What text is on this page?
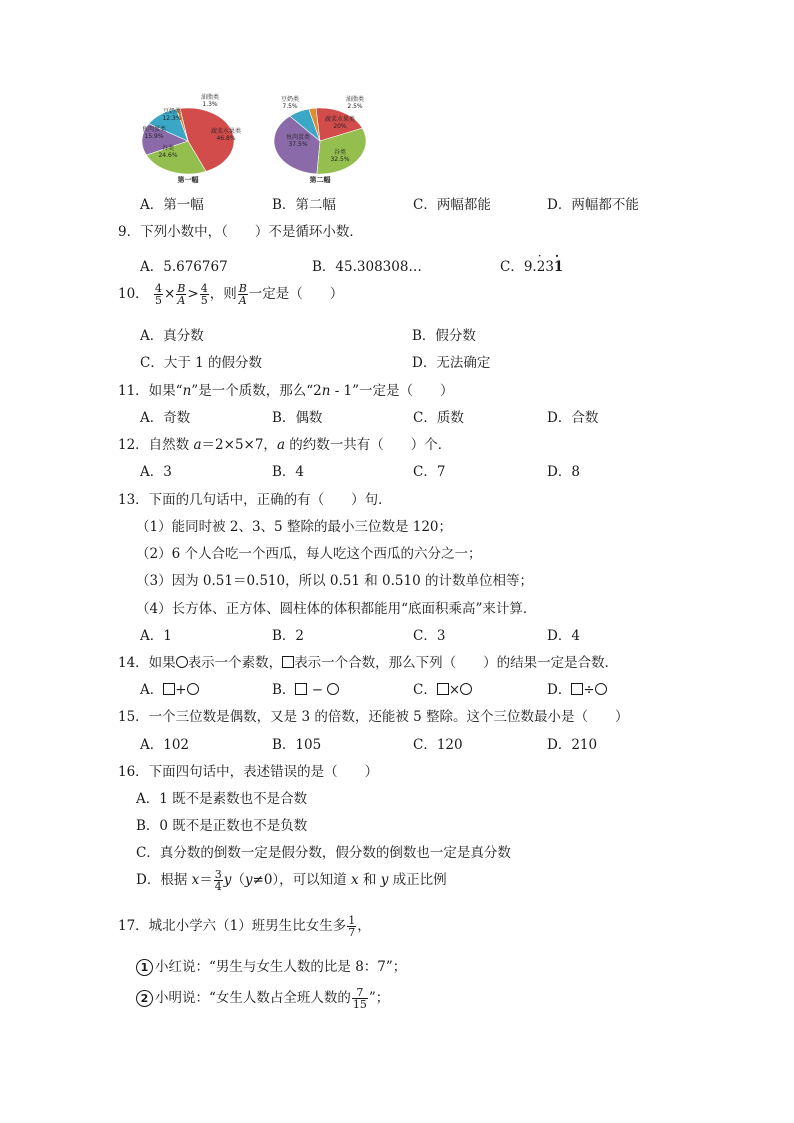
蔬菜水果类 46.8%
谷类 24.6%
鱼肉蛋类 15.9%
豆奶类 12.3%
油脂类 1.3%
第一幅
蔬菜水果类 20%
谷类 32.5%
鱼肉蛋类 37.5%
豆奶类 7.5%
油脂类 2.5%
第二幅
A．第一幅	B．第二幅	C．两幅都能	D．两幅都不能
9．下列小数中，（　　）不是循环小数．
A．5.676767	B．45.308308…	C．9.· 23· 1
10． $\frac{4}{5} \times \frac{B}{A} > \frac{4}{5}$ ，则 $\frac{B}{A}$ 一定是（　　）
A．真分数	B．假分数
C．大于 1 的假分数	D．无法确定
11．如果“n”是一个质数，那么“2n - 1”一定是（　　）
A．奇数	B．偶数	C．质数	D．合数
12．自然数 a＝2×5×7，a 的约数一共有（　　）个．
A．3	B．4	C．7	D．8
13．下面的几句话中，正确的有（　　）句．
（1）能同时被 2、3、5 整除的最小三位数是 120；
（2）6 个人合吃一个西瓜，每人吃这个西瓜的六分之一；
（3）因为 0.51＝0.510，所以 0.51 和 0.510 的计数单位相等；
（4）长方体、正方体、圆柱体的体积都能用“底面积乘高”来计算．
A．1	B．2	C．3	D．4
14．如果 表示一个素数， 表示一个合数，那么下列（　　）的结果一定是合数．
A． +	B． −	C． ×	D． ÷
15．一个三位数是偶数，又是 3 的倍数，还能被 5 整除。这个三位数最小是（　　）
A．102	B．105	C．120	D．210
16．下面四句话中，表述错误的是（　　）
A．1 既不是素数也不是合数
B．0 既不是正数也不是负数
C．真分数的倒数一定是假分数，假分数的倒数也一定是真分数
D．根据 $x= \frac{3}{4} y(y\ne 0)$，可以知道 x 和 y 成正比例
17．城北小学六（1）班男生比女生多 $\frac{1}{7}$ ，
1 小红说：“男生与女生人数的比是 8：7”；
2 小明说：“女生人数占全班人数的 $\frac{7}{15}$ ”；
